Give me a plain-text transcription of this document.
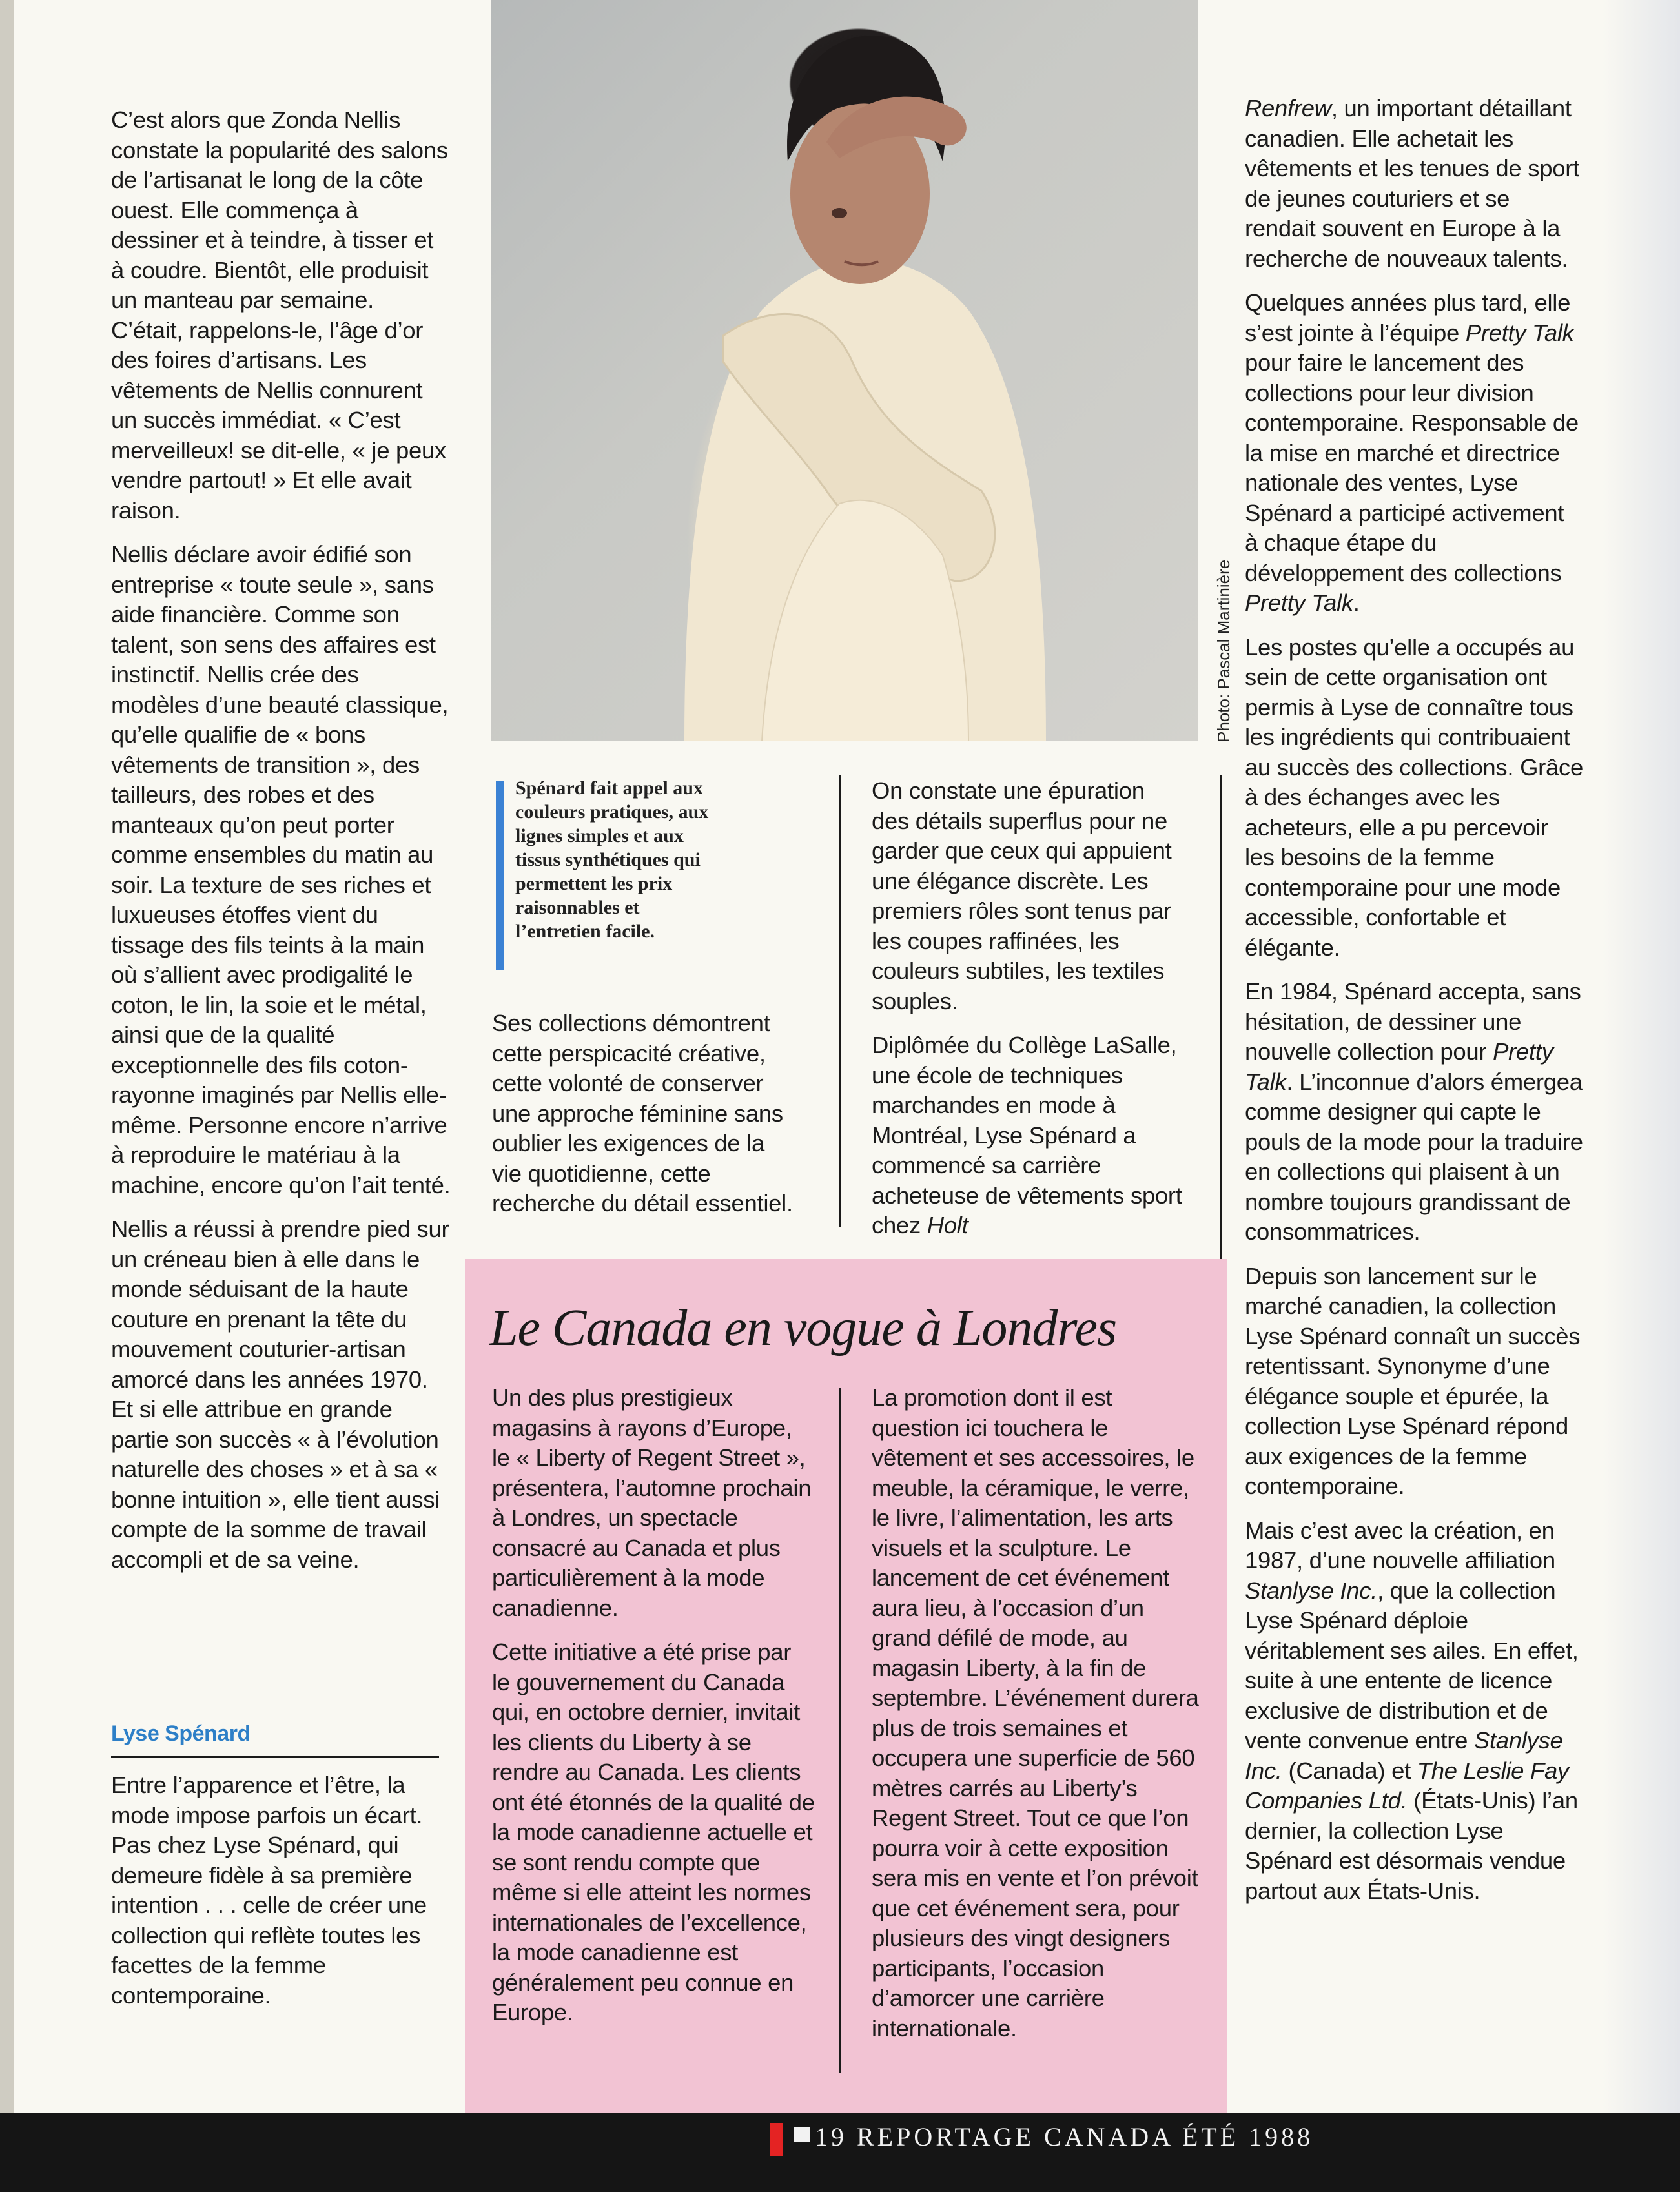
C’est alors que Zonda Nellis constate la popularité des salons de l’artisanat le long de la côte ouest. Elle commença à dessiner et à teindre, à tisser et à coudre. Bientôt, elle produisit un manteau par semaine. C’était, rappelons-le, l’âge d’or des foires d’artisans. Les vêtements de Nellis connurent un succès immédiat. « C’est merveilleux! se dit-elle, « je peux vendre partout! » Et elle avait raison.

Nellis déclare avoir édifié son entreprise « toute seule », sans aide financière. Comme son talent, son sens des affaires est instinctif. Nellis crée des modèles d’une beauté classique, qu’elle qualifie de « bons vêtements de transition », des tailleurs, des robes et des manteaux qu’on peut porter comme ensembles du matin au soir. La texture de ses riches et luxueuses étoffes vient du tissage des fils teints à la main où s’allient avec prodigalité le coton, le lin, la soie et le métal, ainsi que de la qualité exceptionnelle des fils coton-rayonne imaginés par Nellis elle-même. Personne encore n’arrive à reproduire le matériau à la machine, encore qu’on l’ait tenté.

Nellis a réussi à prendre pied sur un créneau bien à elle dans le monde séduisant de la haute couture en prenant la tête du mouvement couturier-artisan amorcé dans les années 1970. Et si elle attribue en grande partie son succès « à l’évolution naturelle des choses » et à sa « bonne intuition », elle tient aussi compte de la somme de travail accompli et de sa veine.

Lyse Spénard

Entre l’apparence et l’être, la mode impose parfois un écart. Pas chez Lyse Spénard, qui demeure fidèle à sa première intention . . . celle de créer une collection qui reflète toutes les facettes de la femme contemporaine.

Photo: Pascal Martinière
Spénard fait appel aux couleurs pratiques, aux lignes simples et aux tissus synthétiques qui permettent les prix raisonnables et l’entretien facile.

Ses collections démontrent cette perspicacité créative, cette volonté de conserver une approche féminine sans oublier les exigences de la vie quotidienne, cette recherche du détail essentiel.

On constate une épuration des détails superflus pour ne garder que ceux qui appuient une élégance discrète. Les premiers rôles sont tenus par les coupes raffinées, les couleurs subtiles, les textiles souples.

Diplômée du Collège LaSalle, une école de techniques marchandes en mode à Montréal, Lyse Spénard a commencé sa carrière acheteuse de vêtements sport chez Holt

Renfrew, un important détaillant canadien. Elle achetait les vêtements et les tenues de sport de jeunes couturiers et se rendait souvent en Europe à la recherche de nouveaux talents.

Quelques années plus tard, elle s’est jointe à l’équipe Pretty Talk pour faire le lancement des collections pour leur division contemporaine. Responsable de la mise en marché et directrice nationale des ventes, Lyse Spénard a participé activement à chaque étape du développement des collections Pretty Talk.

Les postes qu’elle a occupés au sein de cette organisation ont permis à Lyse de connaître tous les ingrédients qui contribuaient au succès des collections. Grâce à des échanges avec les acheteurs, elle a pu percevoir les besoins de la femme contemporaine pour une mode accessible, confortable et élégante.

En 1984, Spénard accepta, sans hésitation, de dessiner une nouvelle collection pour Pretty Talk. L’inconnue d’alors émergea comme designer qui capte le pouls de la mode pour la traduire en collections qui plaisent à un nombre toujours grandissant de consommatrices.

Depuis son lancement sur le marché canadien, la collection Lyse Spénard connaît un succès retentissant. Synonyme d’une élégance souple et épurée, la collection Lyse Spénard répond aux exigences de la femme contemporaine.

Mais c’est avec la création, en 1987, d’une nouvelle affiliation Stanlyse Inc., que la collection Lyse Spénard déploie véritablement ses ailes. En effet, suite à une entente de licence exclusive de distribution et de vente convenue entre Stanlyse Inc. (Canada) et The Leslie Fay Companies Ltd. (États-Unis) l’an dernier, la collection Lyse Spénard est désormais vendue partout aux États-Unis.

Le Canada en vogue à Londres

Un des plus prestigieux magasins à rayons d’Europe, le « Liberty of Regent Street », présentera, l’automne prochain à Londres, un spectacle consacré au Canada et plus particulièrement à la mode canadienne.

Cette initiative a été prise par le gouvernement du Canada qui, en octobre dernier, invitait les clients du Liberty à se rendre au Canada. Les clients ont été étonnés de la qualité de la mode canadienne actuelle et se sont rendu compte que même si elle atteint les normes internationales de l’excellence, la mode canadienne est généralement peu connue en Europe.

La promotion dont il est question ici touchera le vêtement et ses accessoires, le meuble, la céramique, le verre, le livre, l’alimentation, les arts visuels et la sculpture. Le lancement de cet événement aura lieu, à l’occasion d’un grand défilé de mode, au magasin Liberty, à la fin de septembre. L’événement durera plus de trois semaines et occupera une superficie de 560 mètres carrés au Liberty’s Regent Street. Tout ce que l’on pourra voir à cette exposition sera mis en vente et l’on prévoit que cet événement sera, pour plusieurs des vingt designers participants, l’occasion d’amorcer une carrière internationale.

19 REPORTAGE CANADA ÉTÉ 1988
